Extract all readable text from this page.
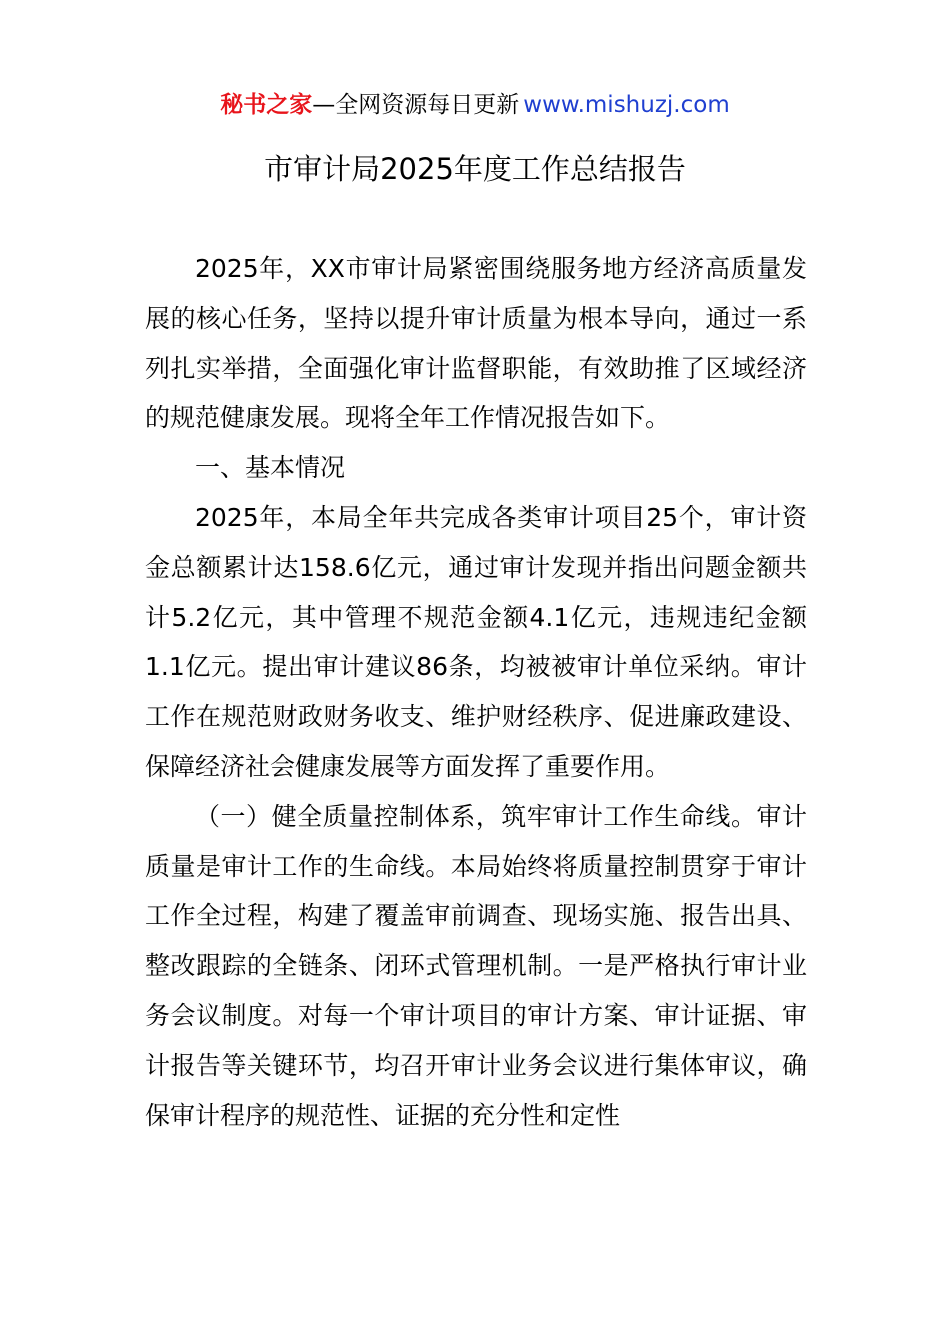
秘书之家—全网资源每日更新 www.mishuzj.com
市审计局2025年度工作总结报告

2025年，XX市审计局紧密围绕服务地方经济高质量发展的核心任务，坚持以提升审计质量为根本导向，通过一系列扎实举措，全面强化审计监督职能，有效助推了区域经济的规范健康发展。现将全年工作情况报告如下。

一、基本情况

2025年，本局全年共完成各类审计项目25个，审计资金总额累计达158.6亿元，通过审计发现并指出问题金额共计5.2亿元，其中管理不规范金额4.1亿元，违规违纪金额1.1亿元。提出审计建议86条，均被被审计单位采纳。审计工作在规范财政财务收支、维护财经秩序、促进廉政建设、保障经济社会健康发展等方面发挥了重要作用。

（一）健全质量控制体系，筑牢审计工作生命线。审计质量是审计工作的生命线。本局始终将质量控制贯穿于审计工作全过程，构建了覆盖审前调查、现场实施、报告出具、整改跟踪的全链条、闭环式管理机制。一是严格执行审计业务会议制度。对每一个审计项目的审计方案、审计证据、审计报告等关键环节，均召开审计业务会议进行集体审议，确保审计程序的规范性、证据的充分性和定性
